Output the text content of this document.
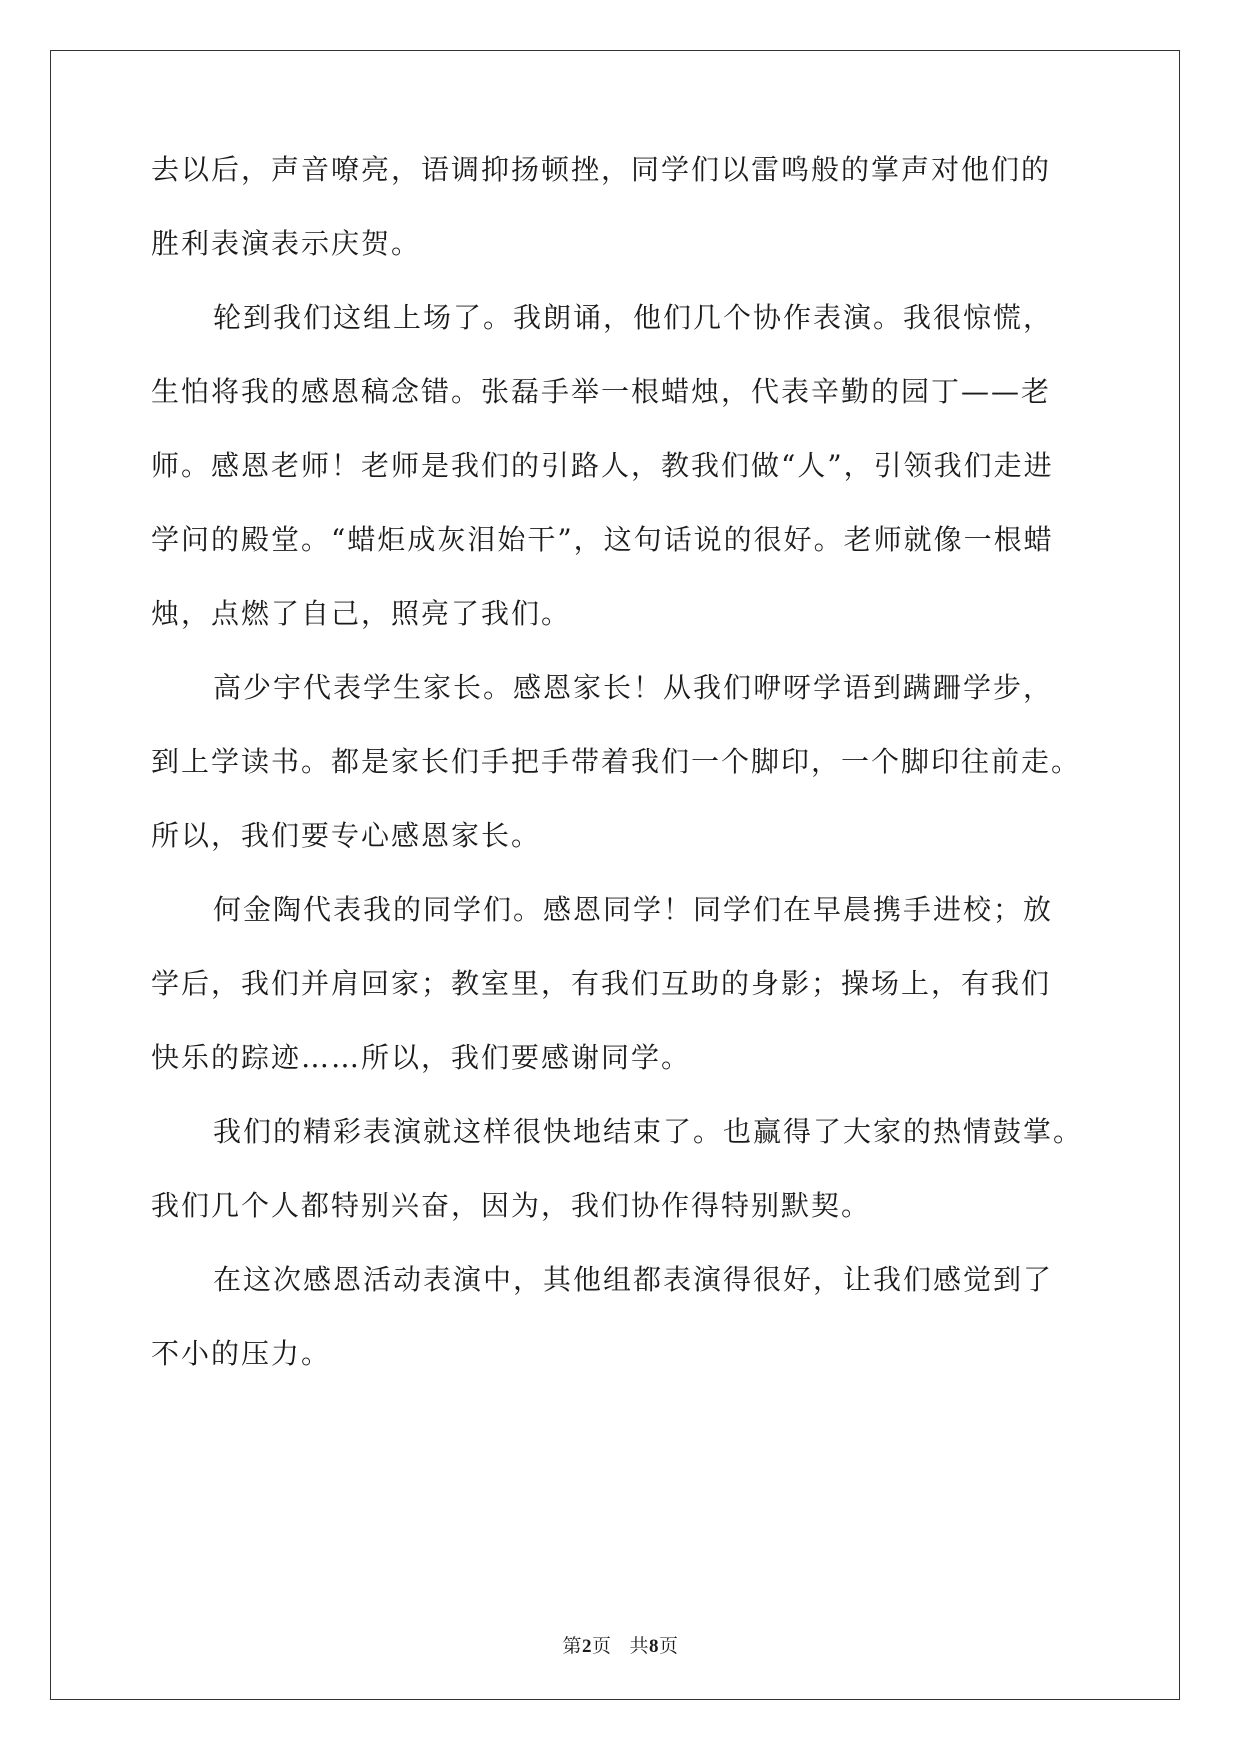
去以后，声音嘹亮，语调抑扬顿挫，同学们以雷鸣般的掌声对他们的
胜利表演表示庆贺。
轮到我们这组上场了。我朗诵，他们几个协作表演。我很惊慌，
生怕将我的感恩稿念错。张磊手举一根蜡烛，代表辛勤的园丁——老
师。感恩老师！老师是我们的引路人，教我们做“人”，引领我们走进
学问的殿堂。“蜡炬成灰泪始干”，这句话说的很好。老师就像一根蜡
烛，点燃了自己，照亮了我们。
高少宇代表学生家长。感恩家长！从我们咿呀学语到蹒跚学步，
到上学读书。都是家长们手把手带着我们一个脚印，一个脚印往前走。
所以，我们要专心感恩家长。
何金陶代表我的同学们。感恩同学！同学们在早晨携手进校；放
学后，我们并肩回家；教室里，有我们互助的身影；操场上，有我们
快乐的踪迹……所以，我们要感谢同学。
我们的精彩表演就这样很快地结束了。也赢得了大家的热情鼓掌。
我们几个人都特别兴奋，因为，我们协作得特别默契。
在这次感恩活动表演中，其他组都表演得很好，让我们感觉到了
不小的压力。
第2页 共8页
